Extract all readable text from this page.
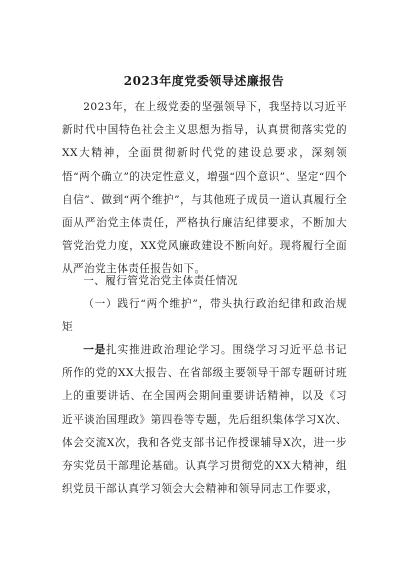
2023年度党委领导述廉报告

2023年，在上级党委的坚强领导下，我坚持以习近平新时代中国特色社会主义思想为指导，认真贯彻落实党的XX大精神，全面贯彻新时代党的建设总要求，深刻领悟“两个确立”的决定性意义，增强“四个意识”、坚定“四个自信”、做到“两个维护”，与其他班子成员一道认真履行全面从严治党主体责任，严格执行廉洁纪律要求，不断加大管党治党力度，XX党风廉政建设不断向好。现将履行全面从严治党主体责任报告如下。

一、履行管党治党主体责任情况

（一）践行“两个维护”，带头执行政治纪律和政治规矩

一是扎实推进政治理论学习。围绕学习习近平总书记所作的党的XX大报告、在省部级主要领导干部专题研讨班上的重要讲话、在全国两会期间重要讲话精神，以及《习近平谈治国理政》第四卷等专题，先后组织集体学习X次、体会交流X次，我和各党支部书记作授课辅导X次，进一步夯实党员干部理论基础。认真学习贯彻党的XX大精神，组织党员干部认真学习领会大会精神和领导同志工作要求，
